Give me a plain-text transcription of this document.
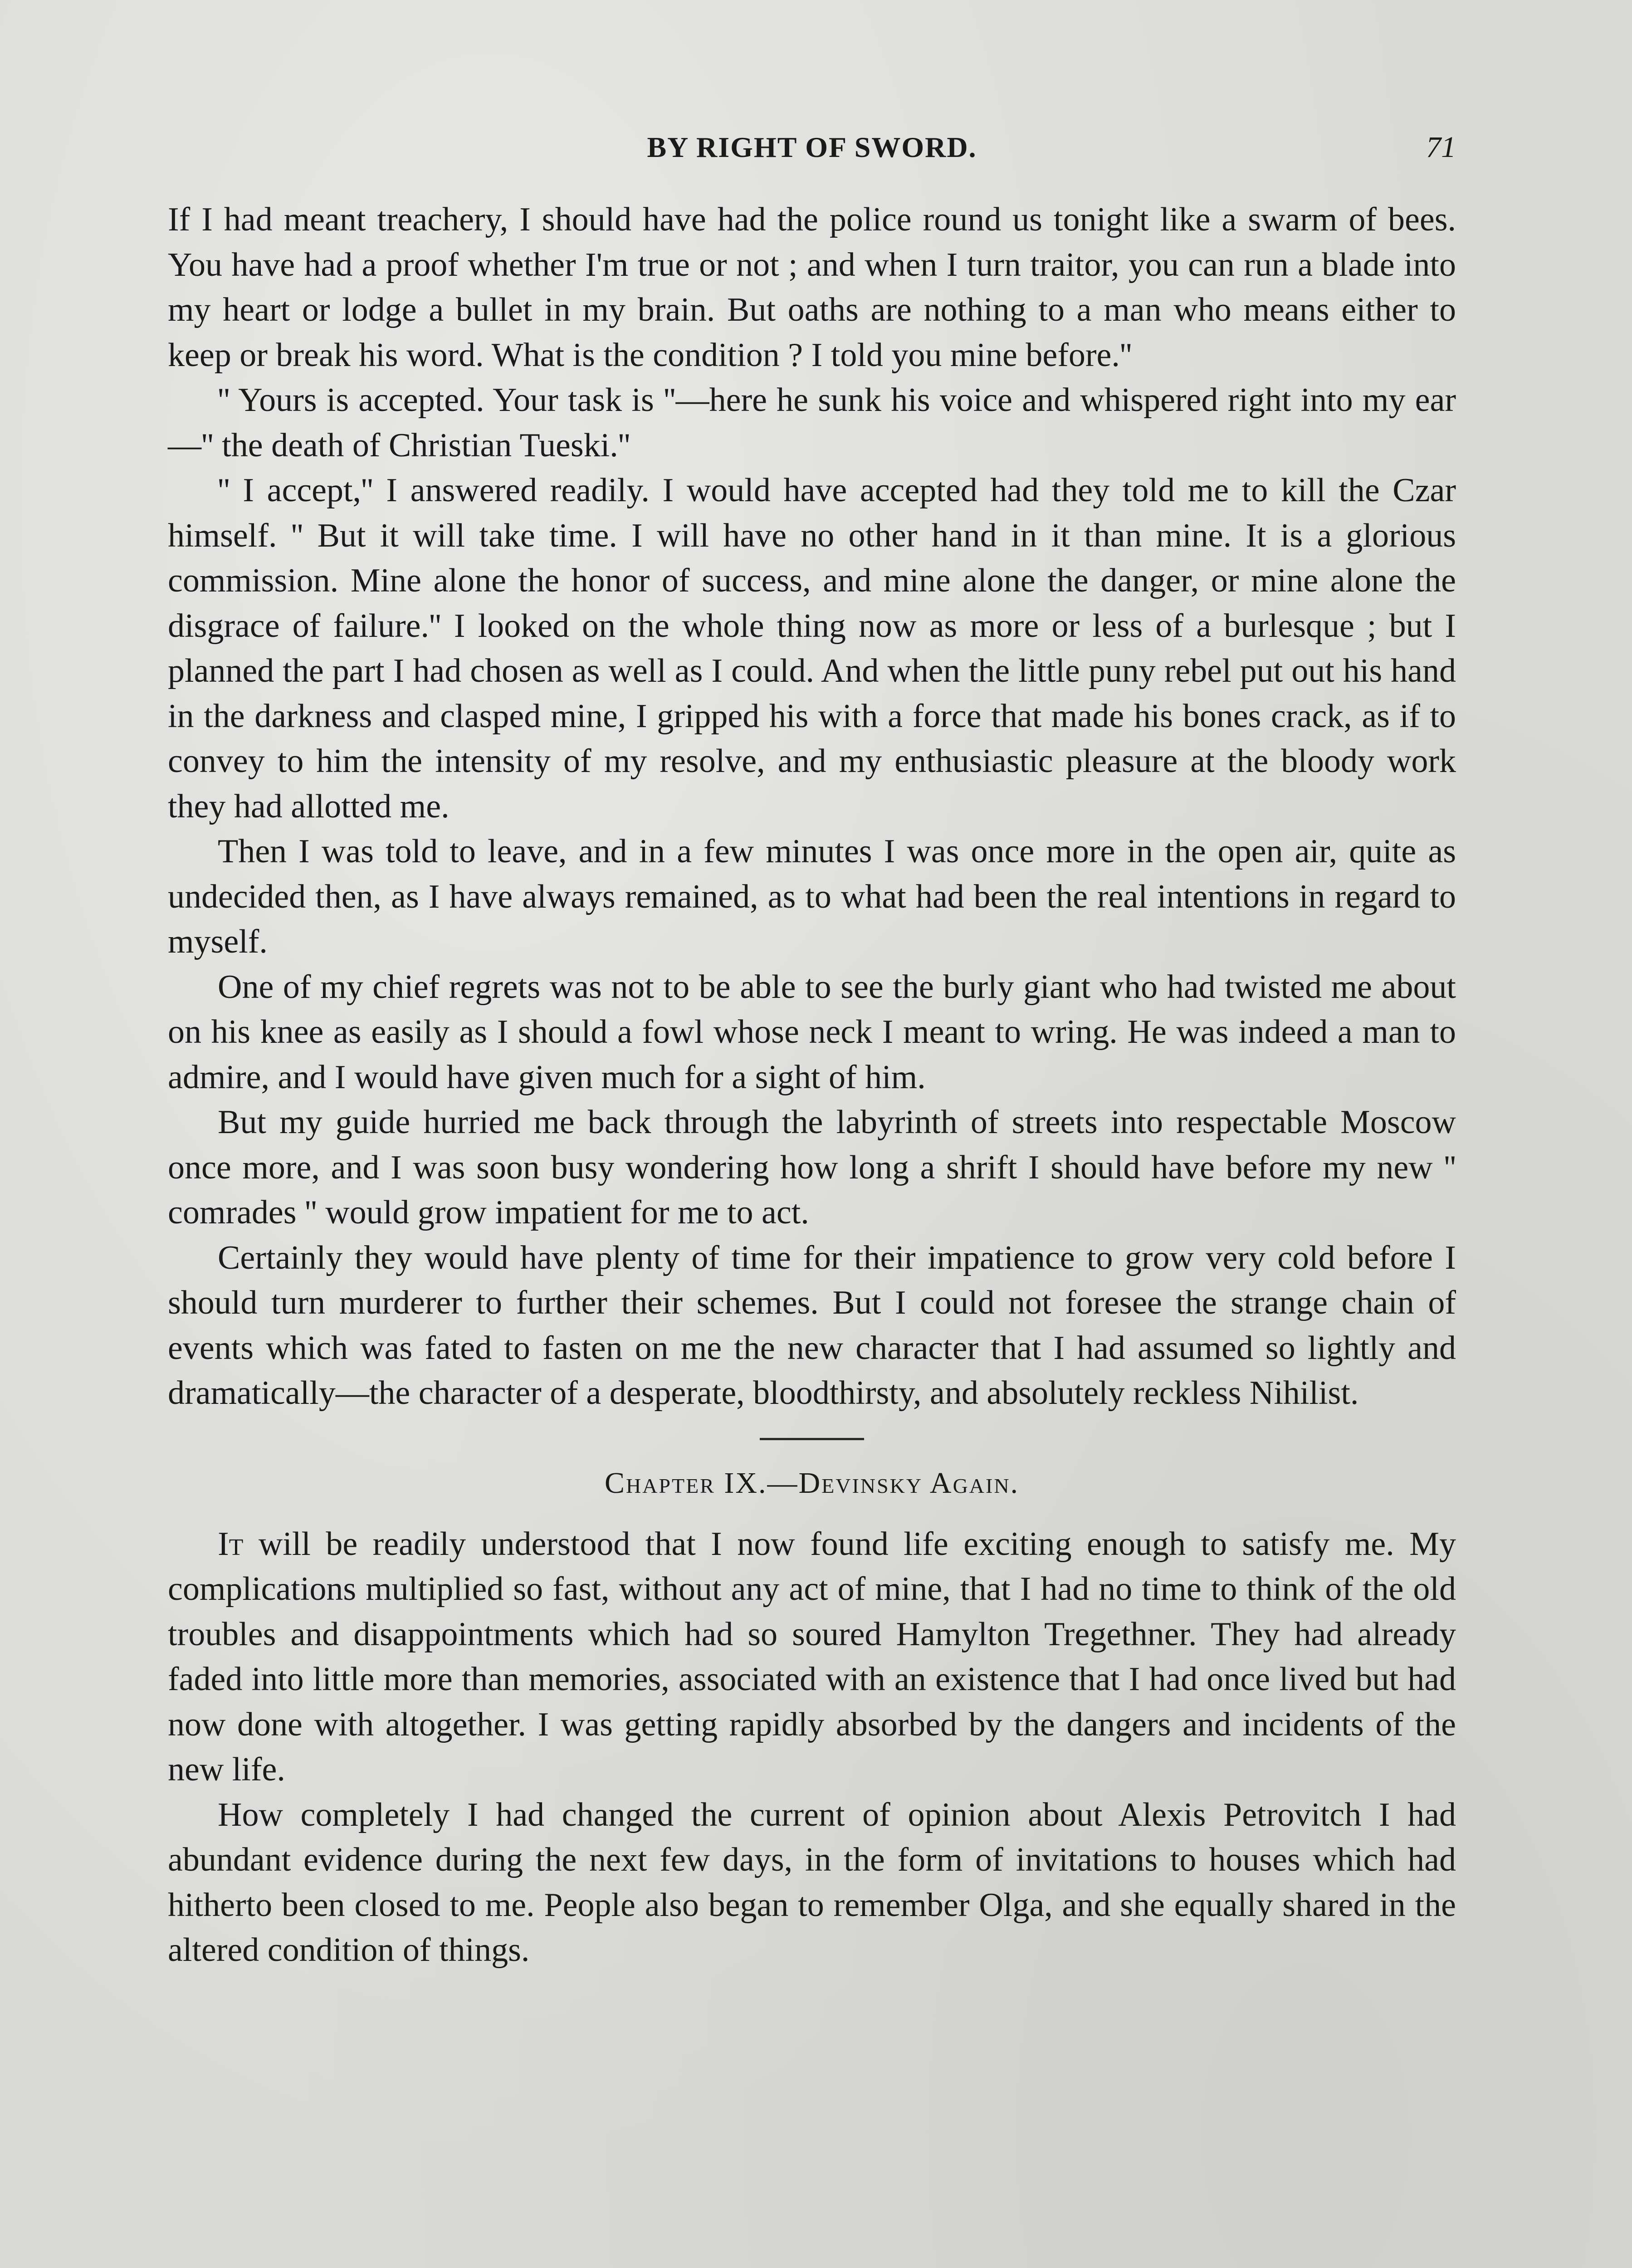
BY RIGHT OF SWORD.	71

If I had meant treachery, I should have had the police round us tonight like a swarm of bees. You have had a proof whether I'm true or not ; and when I turn traitor, you can run a blade into my heart or lodge a bullet in my brain. But oaths are nothing to a man who means either to keep or break his word. What is the condition ? I told you mine before.''

'' Yours is accepted. Your task is ''—here he sunk his voice and whispered right into my ear—'' the death of Christian Tueski.''

'' I accept,'' I answered readily. I would have accepted had they told me to kill the Czar himself. '' But it will take time. I will have no other hand in it than mine. It is a glorious commission. Mine alone the honor of success, and mine alone the danger, or mine alone the disgrace of failure.'' I looked on the whole thing now as more or less of a burlesque ; but I planned the part I had chosen as well as I could. And when the little puny rebel put out his hand in the darkness and clasped mine, I gripped his with a force that made his bones crack, as if to convey to him the intensity of my resolve, and my enthusiastic pleasure at the bloody work they had allotted me.

Then I was told to leave, and in a few minutes I was once more in the open air, quite as undecided then, as I have always remained, as to what had been the real intentions in regard to myself.

One of my chief regrets was not to be able to see the burly giant who had twisted me about on his knee as easily as I should a fowl whose neck I meant to wring. He was indeed a man to admire, and I would have given much for a sight of him.

But my guide hurried me back through the labyrinth of streets into respectable Moscow once more, and I was soon busy wondering how long a shrift I should have before my new '' comrades '' would grow impatient for me to act.

Certainly they would have plenty of time for their impatience to grow very cold before I should turn murderer to further their schemes. But I could not foresee the strange chain of events which was fated to fasten on me the new character that I had assumed so lightly and dramatically—the character of a desperate, bloodthirsty, and absolutely reckless Nihilist.

Chapter IX.—Devinsky Again.

It will be readily understood that I now found life exciting enough to satisfy me. My complications multiplied so fast, without any act of mine, that I had no time to think of the old troubles and disappointments which had so soured Hamylton Tregethner. They had already faded into little more than memories, associated with an existence that I had once lived but had now done with altogether. I was getting rapidly absorbed by the dangers and incidents of the new life.

How completely I had changed the current of opinion about Alexis Petrovitch I had abundant evidence during the next few days, in the form of invitations to houses which had hitherto been closed to me. People also began to remember Olga, and she equally shared in the altered condition of things.
